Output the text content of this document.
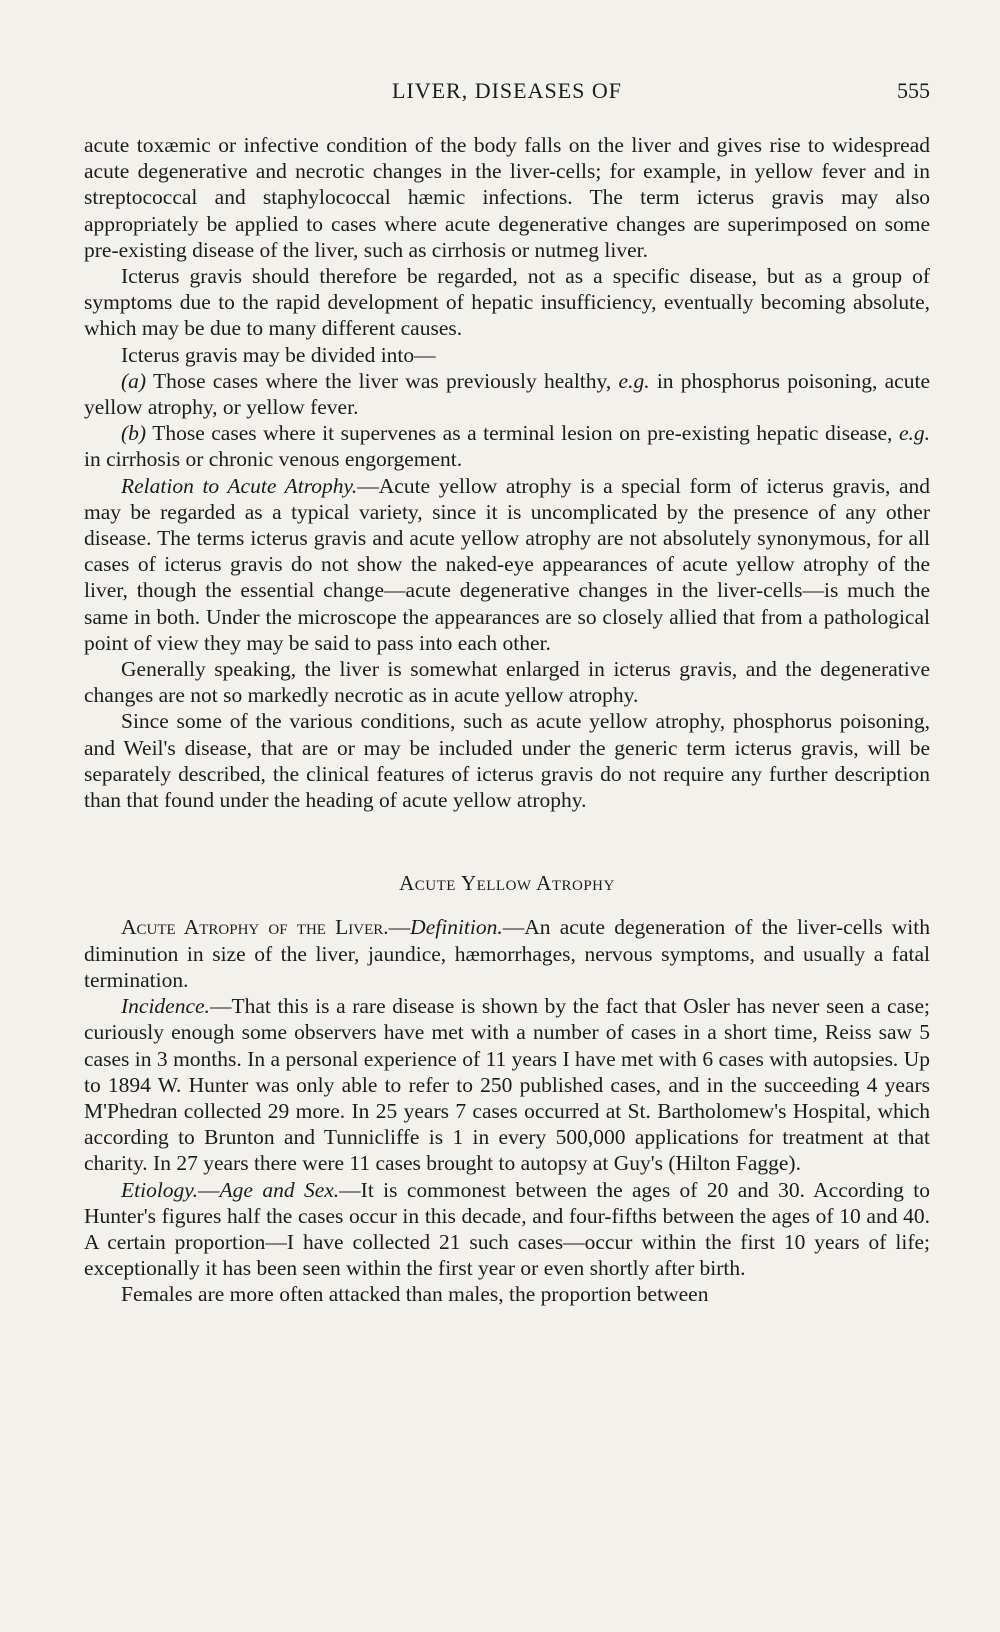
LIVER, DISEASES OF	555

acute toxæmic or infective condition of the body falls on the liver and gives rise to widespread acute degenerative and necrotic changes in the liver-cells; for example, in yellow fever and in streptococcal and staphylococcal hæmic infections. The term icterus gravis may also appropriately be applied to cases where acute degenerative changes are superimposed on some pre-existing disease of the liver, such as cirrhosis or nutmeg liver.

Icterus gravis should therefore be regarded, not as a specific disease, but as a group of symptoms due to the rapid development of hepatic insufficiency, eventually becoming absolute, which may be due to many different causes.

Icterus gravis may be divided into—

(a) Those cases where the liver was previously healthy, e.g. in phosphorus poisoning, acute yellow atrophy, or yellow fever.

(b) Those cases where it supervenes as a terminal lesion on pre-existing hepatic disease, e.g. in cirrhosis or chronic venous engorgement.

Relation to Acute Atrophy.—Acute yellow atrophy is a special form of icterus gravis, and may be regarded as a typical variety, since it is uncomplicated by the presence of any other disease. The terms icterus gravis and acute yellow atrophy are not absolutely synonymous, for all cases of icterus gravis do not show the naked-eye appearances of acute yellow atrophy of the liver, though the essential change—acute degenerative changes in the liver-cells—is much the same in both. Under the microscope the appearances are so closely allied that from a pathological point of view they may be said to pass into each other.

Generally speaking, the liver is somewhat enlarged in icterus gravis, and the degenerative changes are not so markedly necrotic as in acute yellow atrophy.

Since some of the various conditions, such as acute yellow atrophy, phosphorus poisoning, and Weil's disease, that are or may be included under the generic term icterus gravis, will be separately described, the clinical features of icterus gravis do not require any further description than that found under the heading of acute yellow atrophy.

Acute Yellow Atrophy

Acute Atrophy of the Liver.—Definition.—An acute degeneration of the liver-cells with diminution in size of the liver, jaundice, hæmorrhages, nervous symptoms, and usually a fatal termination.

Incidence.—That this is a rare disease is shown by the fact that Osler has never seen a case; curiously enough some observers have met with a number of cases in a short time, Reiss saw 5 cases in 3 months. In a personal experience of 11 years I have met with 6 cases with autopsies. Up to 1894 W. Hunter was only able to refer to 250 published cases, and in the succeeding 4 years M'Phedran collected 29 more. In 25 years 7 cases occurred at St. Bartholomew's Hospital, which according to Brunton and Tunnicliffe is 1 in every 500,000 applications for treatment at that charity. In 27 years there were 11 cases brought to autopsy at Guy's (Hilton Fagge).

Etiology.—Age and Sex.—It is commonest between the ages of 20 and 30. According to Hunter's figures half the cases occur in this decade, and four-fifths between the ages of 10 and 40. A certain proportion—I have collected 21 such cases—occur within the first 10 years of life; exceptionally it has been seen within the first year or even shortly after birth.

Females are more often attacked than males, the proportion between
